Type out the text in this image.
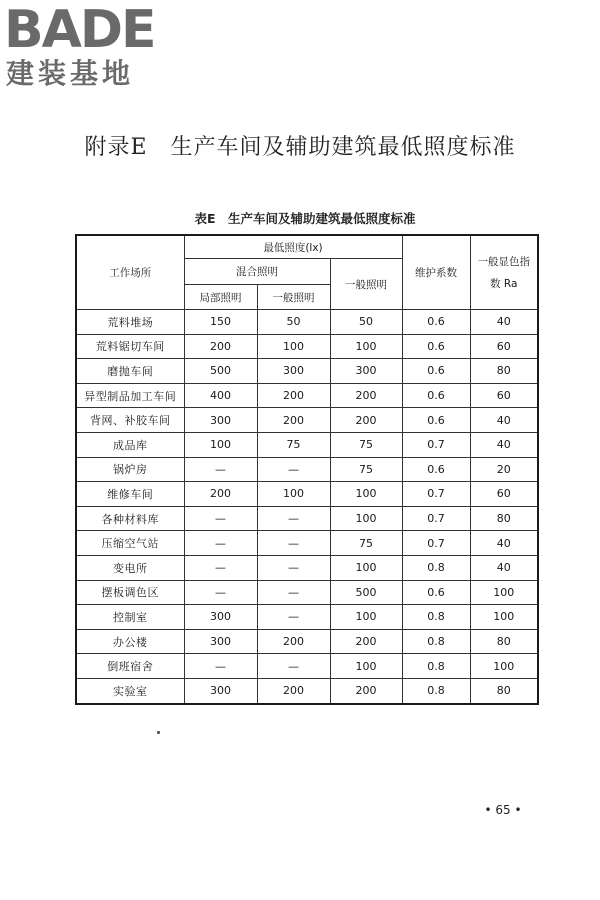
BADE
建装基地
附录E　生产车间及辅助建筑最低照度标准
表E　生产车间及辅助建筑最低照度标准
工作场所	最低照度(lx)			维护系数	一般显色指数 Ra
	混合照明		一般照明		
	局部照明	一般照明			
荒料堆场	150	50	50	0.6	40
荒料锯切车间	200	100	100	0.6	60
磨抛车间	500	300	300	0.6	80
异型制品加工车间	400	200	200	0.6	60
背网、补胶车间	300	200	200	0.6	40
成品库	100	75	75	0.7	40
锅炉房	—	—	75	0.6	20
维修车间	200	100	100	0.7	60
各种材料库	—	—	100	0.7	80
压缩空气站	—	—	75	0.7	40
变电所	—	—	100	0.8	40
摆板调色区	—	—	500	0.6	100
控制室	300	—	100	0.8	100
办公楼	300	200	200	0.8	80
倒班宿舍	—	—	100	0.8	100
实验室	300	200	200	0.8	80
• 65 •
